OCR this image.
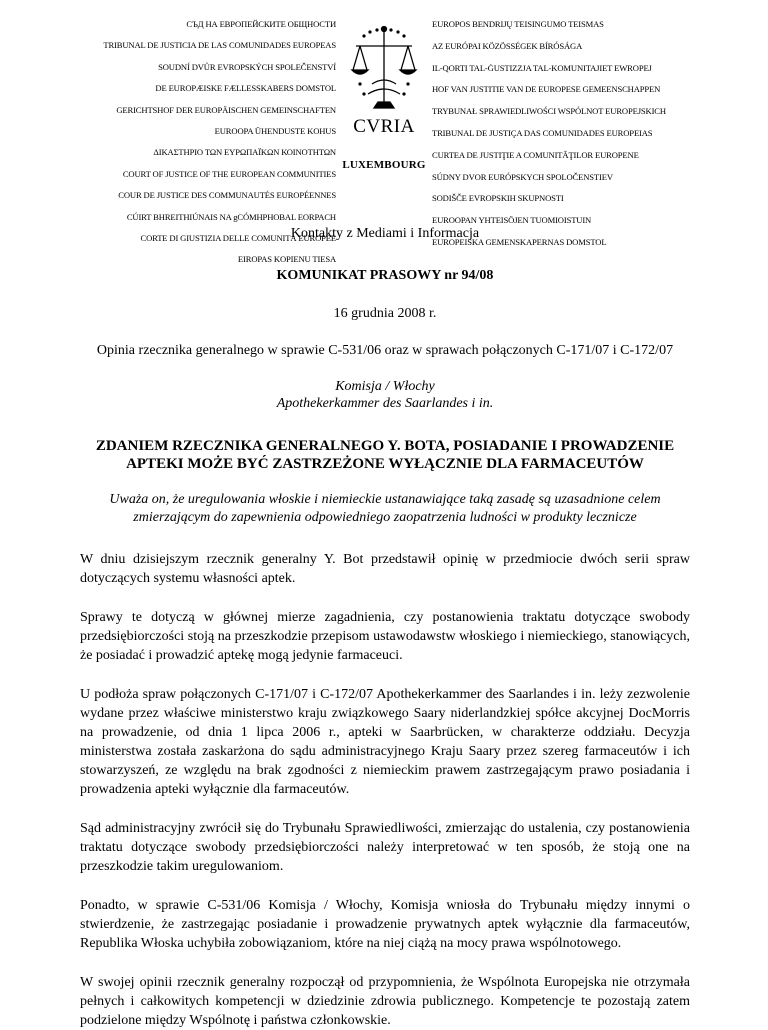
СЪД НА ЕВРОПЕЙСКИТЕ ОБЩНОСТИ
TRIBUNAL DE JUSTICIA DE LAS COMUNIDADES EUROPEAS
SOUDNÍ DVŮR EVROPSKÝCH SPOLEČENSTVÍ
DE EUROPÆISKE FÆLLESSKABERS DOMSTOL
GERICHTSHOF DER EUROPÄISCHEN GEMEINSCHAFTEN
EUROOPA ÜHENDUSTE KOHUS
ΔΙΚΑΣΤΗΡΙΟ ΤΩΝ ΕΥΡΩΠΑΪΚΩΝ ΚΟΙΝΟΤΗΤΩΝ
COURT OF JUSTICE OF THE EUROPEAN COMMUNITIES
COUR DE JUSTICE DES COMMUNAUTÉS EUROPÉENNES
CÚIRT BHREITHIÚNAIS NA gCÓMHPHOBAL EORPACH
CORTE DI GIUSTIZIA DELLE COMUNITÀ EUROPEE
EIROPAS KOPIENU TIESA
CVRIA
LUXEMBOURG
EUROPOS BENDRIJŲ TEISINGUMO TEISMAS
AZ EURÓPAI KÖZÖSSÉGEK BÍRÓSÁGA
IL-QORTI TAL-ĠUSTIZZJA TAL-KOMUNITAJIET EWROPEJ
HOF VAN JUSTITIE VAN DE EUROPESE GEMEENSCHAPPEN
TRYBUNAŁ SPRAWIEDLIWOŚCI WSPÓLNOT EUROPEJSKICH
TRIBUNAL DE JUSTIÇA DAS COMUNIDADES EUROPEIAS
CURTEA DE JUSTIŢIE A COMUNITĂŢILOR EUROPENE
SÚDNY DVOR EURÓPSKYCH SPOLOČENSTIEV
SODIŠČE EVROPSKIH SKUPNOSTI
EUROOPAN YHTEISÖJEN TUOMIOISTUIN
EUROPEISKA GEMENSKAPERNAS DOMSTOL
Kontakty z Mediami i Informacja
KOMUNIKAT PRASOWY nr 94/08
16 grudnia 2008 r.
Opinia rzecznika generalnego w sprawie C-531/06 oraz w sprawach połączonych C-171/07 i C-172/07
Komisja / Włochy
Apothekerkammer des Saarlandes i in.
ZDANIEM RZECZNIKA GENERALNEGO Y. BOTA, POSIADANIE I PROWADZENIE APTEKI MOŻE BYĆ ZASTRZEŻONE WYŁĄCZNIE DLA FARMACEUTÓW
Uważa on, że uregulowania włoskie i niemieckie ustanawiające taką zasadę są uzasadnione celem zmierzającym do zapewnienia odpowiedniego zaopatrzenia ludności w produkty lecznicze

W dniu dzisiejszym rzecznik generalny Y. Bot przedstawił opinię w przedmiocie dwóch serii spraw dotyczących systemu własności aptek.

Sprawy te dotyczą w głównej mierze zagadnienia, czy postanowienia traktatu dotyczące swobody przedsiębiorczości stoją na przeszkodzie przepisom ustawodawstw włoskiego i niemieckiego, stanowiących, że posiadać i prowadzić aptekę mogą jedynie farmaceuci.

U podłoża spraw połączonych C-171/07 i C-172/07 Apothekerkammer des Saarlandes i in. leży zezwolenie wydane przez właściwe ministerstwo kraju związkowego Saary niderlandzkiej spółce akcyjnej DocMorris na prowadzenie, od dnia 1 lipca 2006 r., apteki w Saarbrücken, w charakterze oddziału. Decyzja ministerstwa została zaskarżona do sądu administracyjnego Kraju Saary przez szereg farmaceutów i ich stowarzyszeń, ze względu na brak zgodności z niemieckim prawem zastrzegającym prawo posiadania i prowadzenia apteki wyłącznie dla farmaceutów.

Sąd administracyjny zwrócił się do Trybunału Sprawiedliwości, zmierzając do ustalenia, czy postanowienia traktatu dotyczące swobody przedsiębiorczości należy interpretować w ten sposób, że stoją one na przeszkodzie takim uregulowaniom.

Ponadto, w sprawie C-531/06 Komisja / Włochy, Komisja wniosła do Trybunału między innymi o stwierdzenie, że zastrzegając posiadanie i prowadzenie prywatnych aptek wyłącznie dla farmaceutów, Republika Włoska uchybiła zobowiązaniom, które na niej ciążą na mocy prawa wspólnotowego.

W swojej opinii rzecznik generalny rozpoczął od przypomnienia, że Wspólnota Europejska nie otrzymała pełnych i całkowitych kompetencji w dziedzinie zdrowia publicznego. Kompetencje te pozostają zatem podzielone między Wspólnotę i państwa członkowskie.
